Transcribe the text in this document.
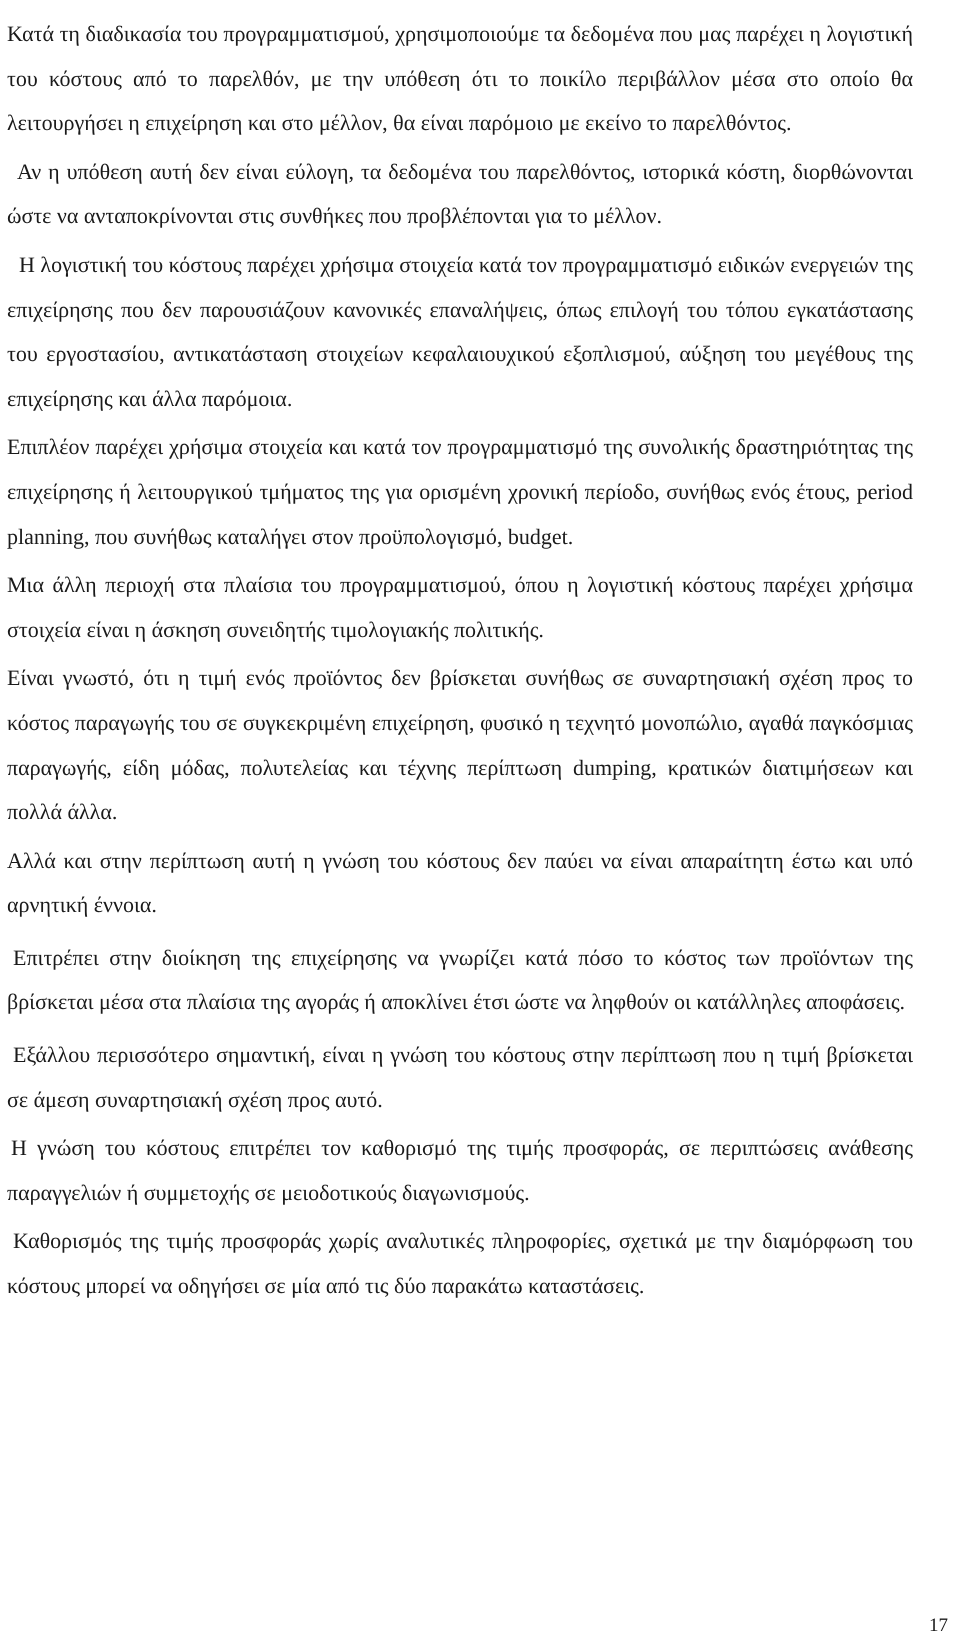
Κατά τη διαδικασία του προγραμματισμού, χρησιμοποιούμε τα δεδομένα που μας παρέχει η λογιστική του κόστους από το παρελθόν, με την υπόθεση ότι το ποικίλο περιβάλλον μέσα στο οποίο θα λειτουργήσει η επιχείρηση και στο μέλλον, θα είναι παρόμοιο με εκείνο το παρελθόντος.

Αν η υπόθεση αυτή δεν είναι εύλογη, τα δεδομένα του παρελθόντος, ιστορικά κόστη, διορθώνονται ώστε να ανταποκρίνονται στις συνθήκες που προβλέπονται για το μέλλον.

Η λογιστική του κόστους παρέχει χρήσιμα στοιχεία κατά τον προγραμματισμό ειδικών ενεργειών της επιχείρησης που δεν παρουσιάζουν κανονικές επαναλήψεις, όπως επιλογή του τόπου εγκατάστασης του εργοστασίου, αντικατάσταση στοιχείων κεφαλαιουχικού εξοπλισμού, αύξηση του μεγέθους της επιχείρησης και άλλα παρόμοια.

Επιπλέον παρέχει χρήσιμα στοιχεία και κατά τον προγραμματισμό της συνολικής δραστηριότητας της επιχείρησης ή λειτουργικού τμήματος της για ορισμένη χρονική περίοδο, συνήθως ενός έτους, period planning, που συνήθως καταλήγει στον προϋπολογισμό, budget.

Μια άλλη περιοχή στα πλαίσια του προγραμματισμού, όπου η λογιστική κόστους παρέχει χρήσιμα στοιχεία είναι η άσκηση συνειδητής τιμολογιακής πολιτικής.

Είναι γνωστό, ότι η τιμή ενός προϊόντος δεν βρίσκεται συνήθως σε συναρτησιακή σχέση προς το κόστος παραγωγής του σε συγκεκριμένη επιχείρηση, φυσικό η τεχνητό μονοπώλιο, αγαθά παγκόσμιας παραγωγής, είδη μόδας, πολυτελείας και τέχνης περίπτωση dumping, κρατικών διατιμήσεων και πολλά άλλα.

Αλλά και στην περίπτωση αυτή η γνώση του κόστους δεν παύει να είναι απαραίτητη έστω και υπό αρνητική έννοια.

Επιτρέπει στην διοίκηση της επιχείρησης να γνωρίζει κατά πόσο το κόστος των προϊόντων της βρίσκεται μέσα στα πλαίσια της αγοράς ή αποκλίνει έτσι ώστε να ληφθούν οι κατάλληλες αποφάσεις.

Εξάλλου περισσότερο σημαντική, είναι η γνώση του κόστους στην περίπτωση που η τιμή βρίσκεται σε άμεση συναρτησιακή σχέση προς αυτό.

Η γνώση του κόστους επιτρέπει τον καθορισμό της τιμής προσφοράς, σε περιπτώσεις ανάθεσης παραγγελιών ή συμμετοχής σε μειοδοτικούς διαγωνισμούς.

Καθορισμός της τιμής προσφοράς χωρίς αναλυτικές πληροφορίες, σχετικά με την διαμόρφωση του κόστους μπορεί να οδηγήσει σε μία από τις δύο παρακάτω καταστάσεις.

17
